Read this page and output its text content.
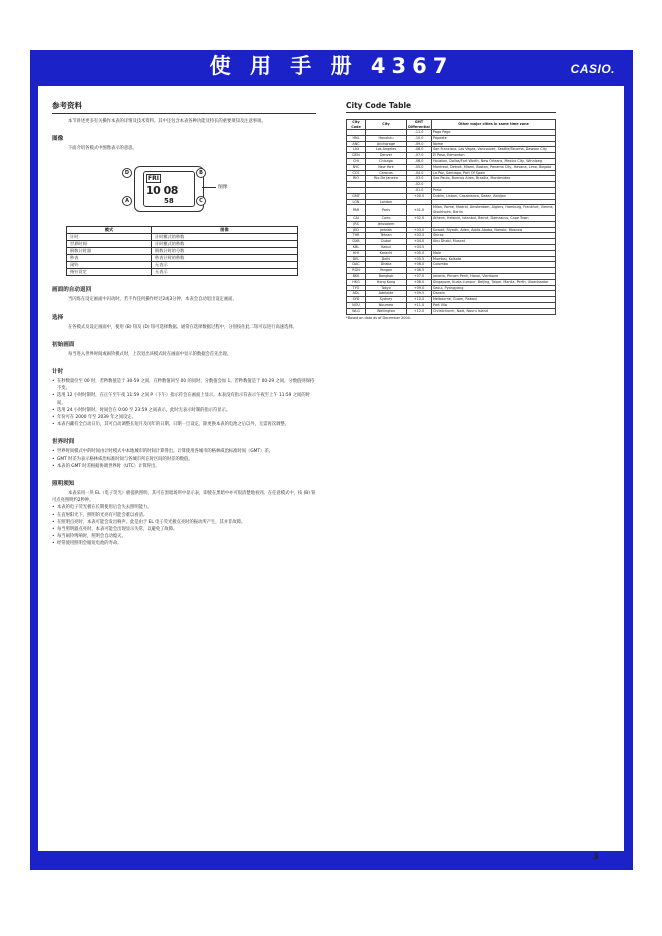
使 用 手 册 4367	CASIO.
参考资料

本节讲述更多有关操作本表的详情及技术资料。其中还包含本表各种功能及特长的重要须知及注意事项。

图像

下面介绍各模式中图像表示的意思。

FRI
10 08
58
D
A
B
C
图像
模式	图像
计时	计时模式的秒数
世界时间	计时模式的秒数
倒数计时器	倒数计时的分数
秒表	秒表计时的秒数
闹铃	无表示
指针设定	无表示
画面的自动返回

当闪烁在设定画面中闪动时，若不作任何操作经过2或3分钟，本表会自动退出设定画面。

选择

在各模式及设定画面中，使用 (B) 钮及 (D) 钮可选择数据。通常在选择数据过程中，分别按住此二钮可以进行高速选择。

初始画面

每当进入世界时间或闹铃模式时，上次退出该模式时在画面中显示的数据会首先出现。

计时
• 在秒数量位至 00 时，若秒数值是于 30-59 之间，在秒数值回至 00 的同时，分数值会加 1。若秒数值是于 00-29 之间，分数值则保持不变。
• 选用 12 小时时制时，在正午至午夜 11:59 之间 P（下午）指示符会在画面上显示。本表没有指示符表示午夜至上午 11:59 之间的时间。
• 选用 24 小时时制时，时间会在 0:00 至 23:59 之间表示，此时无表示时制的指示符显示。
• 年份可在 2000 年至 2039 年之间设定。
• 本表内藏有全自动日历，其可自动调整长短月及闰年的日期。日期一旦设定，除更换本表的电池之后以外，无需再次调整。
世界时间
• 世界时间模式中的时间由计时模式中本地城市的时间计算得出。计算使用各城市的格林威治标准时间（GMT）差。
• GMT 时差为表示格林威治标准时间与各城市所在时区间的时差的数值。
• 本表的 GMT 时差根据协调世界时（UTC）计算得出。
照明须知

本表采用一块 EL（电子荧光）板提供照明，其可在黑暗场所中显示表，即使在黑暗中亦可很清楚地看到。在任意模式中，按 (B) 钮可点亮照明约2秒钟。

• 本表的电子荧光板在长期使用后会失去照明能力。
• 在直射阳光下，照明的光亮有可能会难以看清。
• 在照明点亮时，本表可能会发出响声。此是由于 EL 电子荧光板点亮时的振动所产生，其并非故障。
• 每当照明器点亮时，本表可能会出现显示失常，以避免了故障。
• 每当闹铃鸣响时，照明会自动熄灭。
• 经常使用照明会缩短电池的寿命。
City Code Table
City Code	City	GMT Differential	Other major cities in same time zone
		-11.0	Pago Pago
HNL	Honolulu	-10.0	Papeete
ANC	Anchorage	-09.0	Nome
LAX	Los Angeles	-08.0	San Francisco, Las Vegas, Vancouver, Seattle/Tacoma, Dawson City
DEN	Denver	-07.0	El Paso, Edmonton
CHI	Chicago	-06.0	Houston, Dallas/Fort Worth, New Orleans, Mexico City, Winnipeg
NYC	New York	-05.0	Montreal, Detroit, Miami, Boston, Panama City, Havana, Lima, Bogota
CCS	Caracas	-04.0	La Paz, Santiago, Port Of Spain
RIO	Rio De Janeiro	-03.0	Sao Paulo, Buenos Aires, Brasilia, Montevideo
		-02.0	
		-01.0	Praia
GMT		+00.0	Dublin, Lisbon, Casablanca, Dakar, Abidjan
LON	London		
PAR	Paris	+01.0	Milan, Rome, Madrid, Amsterdam, Algiers, Hamburg, Frankfurt, Vienna, Stockholm, Berlin
CAI	Cairo	+02.0	Athens, Helsinki, Istanbul, Beirut, Damascus, Cape Town
JRS	Jerusalem		
JED	Jeddah	+03.0	Kuwait, Riyadh, Aden, Addis Ababa, Nairobi, Moscow
THR	Tehran	+03.5	Shiraz
DXB	Dubai	+04.0	Abu Dhabi, Muscat
KBL	Kabul	+04.5	
KHI	Karachi	+05.0	Male
DEL	Delhi	+05.5	Mumbai, Kolkata
DAC	Dhaka	+06.0	Colombo
RGN	Yangon	+06.5	
BKK	Bangkok	+07.0	Jakarta, Phnom Penh, Hanoi, Vientiane
HKG	Hong Kong	+08.0	Singapore, Kuala Lumpur, Beijing, Taipei, Manila, Perth, Ulaanbaatar
TYO	Tokyo	+09.0	Seoul, Pyongyang
ADL	Adelaide	+09.5	Darwin
SYD	Sydney	+10.0	Melbourne, Guam, Rabaul
NOU	Noumea	+11.0	Port Vila
WLG	Wellington	+12.0	Christchurch, Nadi, Nauru Island
*Based on data as of December 2004.
3
